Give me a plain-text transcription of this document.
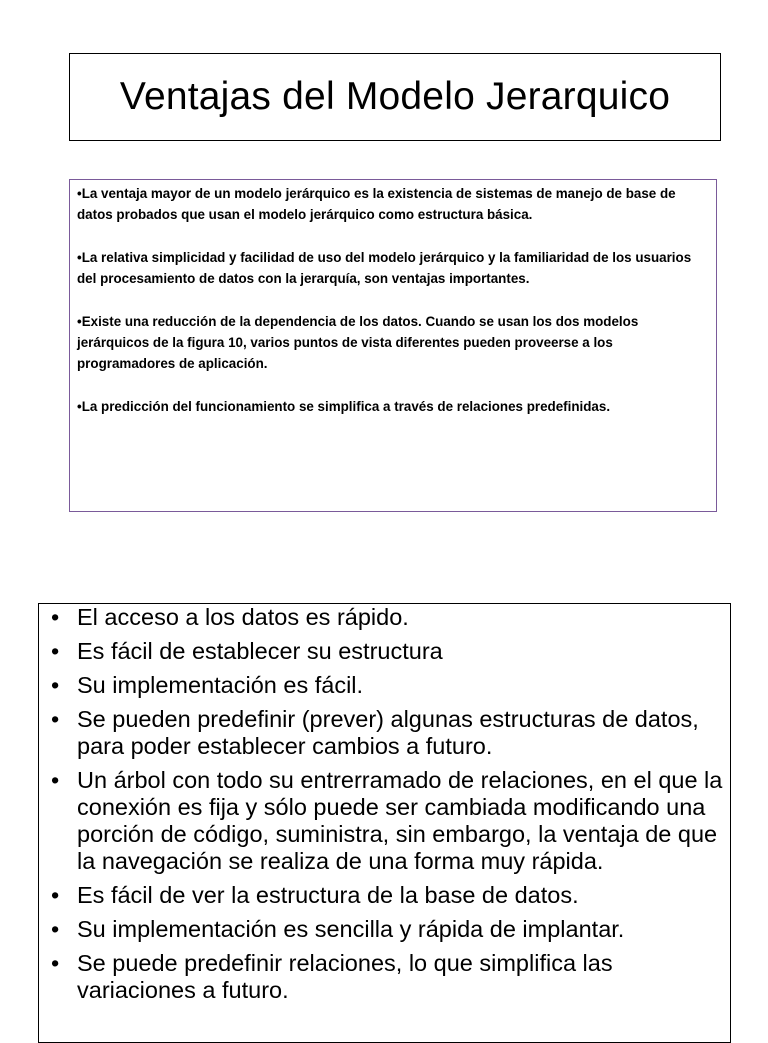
Ventajas del Modelo Jerarquico

•La ventaja mayor de un modelo jerárquico es la existencia de sistemas de manejo de base de datos probados que usan el modelo jerárquico como estructura básica.

•La relativa simplicidad y facilidad de uso del modelo jerárquico y la familiaridad de los usuarios del procesamiento de datos con la jerarquía, son ventajas importantes.

•Existe una reducción de la dependencia de los datos. Cuando se usan los dos modelos jerárquicos de la figura 10, varios puntos de vista diferentes pueden proveerse a los programadores de aplicación.

•La predicción del funcionamiento se simplifica a través de relaciones predefinidas.

• El acceso a los datos es rápido.
• Es fácil de establecer su estructura
• Su implementación es fácil.
• Se pueden predefinir (prever) algunas estructuras de datos, para poder establecer cambios a futuro.
• Un árbol con todo su entrerramado de relaciones, en el que la conexión es fija y sólo puede ser cambiada modificando una porción de código, suministra, sin embargo, la ventaja de que la navegación se realiza de una forma muy rápida.
• Es fácil de ver la estructura de la base de datos.
• Su implementación es sencilla y rápida de implantar.
• Se puede predefinir relaciones, lo que simplifica las variaciones a futuro.
